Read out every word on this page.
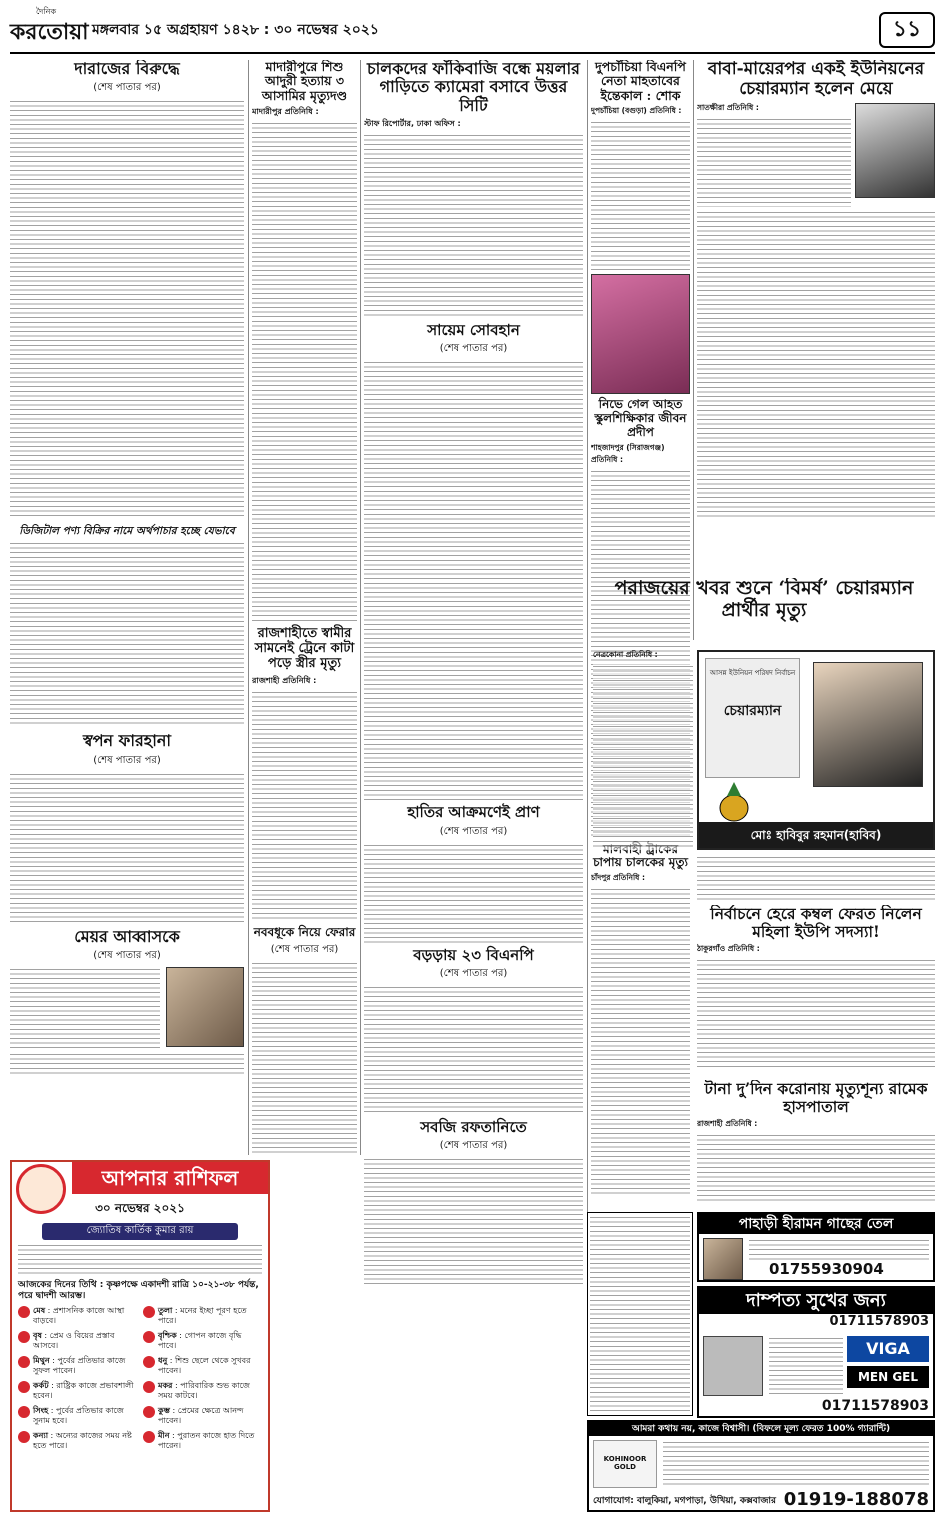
দৈনিক
করতোয়া মঙ্গলবার ১৫ অগ্রহায়ণ ১৪২৮ : ৩০ নভেম্বর ২০২১	১১
দারাজের বিরুদ্ধে
(শেষ পাতার পর)
ডিজিটাল পণ্য বিক্রির নামে অর্থপাচার হচ্ছে যেভাবে
স্বপন ফারহানা
(শেষ পাতার পর)
মেয়র আব্বাসকে
(শেষ পাতার পর)
আপনার রাশিফল
৩০ নভেম্বর ২০২১
জ্যোতিষ কার্তিক কুমার রায়
আজকের দিনের তিথি : কৃষ্ণপক্ষে একাদশী রাত্রি ১০-২১-৩৮ পর্যন্ত, পরে দ্বাদশী আরম্ভ।
মেষ : প্রশাসনিক কাজে আস্থা বাড়বে।
তুলা : মনের ইচ্ছা পূরণ হতে পারে।
বৃষ : প্রেম ও বিয়ের প্রস্তাব আসবে।
বৃশ্চিক : গোপন কাজে বৃদ্ধি পাবে।
মিথুন : পুর্বের প্রতিভার কাজে সুফল পাবেন।
ধনু : শিশু ছেলে থেকে সুখবর পাবেন।
কর্কট : রাষ্ট্রিক কাজে প্রভাবশালী হবেন।
মকর : পারিবারিক শুভ কাজে সময় কাটবে।
সিংহ : পুর্বের প্রতিভার কাজে সুনাম হবে।
কুম্ভ : প্রেমের ক্ষেত্রে আনন্দ পাবেন।
কন্যা : অন্যের কাজের সময় নষ্ট হতে পারে।
মীন : পুরাতন কাজে হাত দিতে পারেন।
মাদারীপুরে শিশু আদুরী হত্যায় ৩ আসামির মৃত্যুদণ্ড
মাদারীপুর প্রতিনিধি :
রাজশাহীতে স্বামীর সামনেই ট্রেনে কাটা পড়ে স্ত্রীর মৃত্যু
রাজশাহী প্রতিনিধি :
নববধূকে নিয়ে ফেরার
(শেষ পাতার পর)
চালকদের ফাঁকিবাজি বন্ধে ময়লার গাড়িতে ক্যামেরা বসাবে উত্তর সিটি
স্টাফ রিপোর্টার, ঢাকা অফিস :
সায়েম সোবহান
(শেষ পাতার পর)
হাতির আক্রমণেই প্রাণ
(শেষ পাতার পর)
বড়ড়ায় ২৩ বিএনপি
(শেষ পাতার পর)
সবজি রফতানিতে
(শেষ পাতার পর)
দুপচাঁচিয়া বিএনপি নেতা মাহতাবের ইন্তেকাল : শোক
দুপচাঁচিয়া (বগুড়া) প্রতিনিধি :
নিভে গেল আহত স্কুলশিক্ষিকার জীবন প্রদীপ
শাহজাদপুর (সিরাজগঞ্জ) প্রতিনিধি :
চাপায় চালকের মৃত্যু
চাঁদপুর প্রতিনিধি :
বাবা-মায়েরপর একই ইউনিয়নের চেয়ারম্যান হলেন মেয়ে
সাতক্ষীরা প্রতিনিধি :
পরাজয়ের খবর শুনে ‘বিমর্ষ’ চেয়ারম্যান প্রার্থীর মৃত্যু
আসন্ন ইউনিয়ন পরিষদ নির্বাচন
চেয়ারম্যান
মোঃ হাবিবুর রহমান(হাবিব)
নেত্রকোনা প্রতিনিধি :
নির্বাচনে হেরে কম্বল ফেরত নিলেন মহিলা ইউপি সদস্যা!
ঠাকুরগাঁও প্রতিনিধি :
টানা দু’দিন করোনায় মৃত্যুশূন্য রামেক হাসপাতাল
রাজশাহী প্রতিনিধি :
পাহাড়ী হীরামন গাছের তেল
01755930904
দাম্পত্য সুখের জন্য
01711578903
VIGA
MEN GEL
01711578903
আমরা কথায় নয়, কাজে বিশ্বাসী। (বিফলে মূল্য ফেরত 100% গ্যারান্টি)
KOHINOOR GOLD
যোগাযোগ: বালুকিয়া, মগপাড়া, উখিয়া, কক্সবাজার 01919-188078
